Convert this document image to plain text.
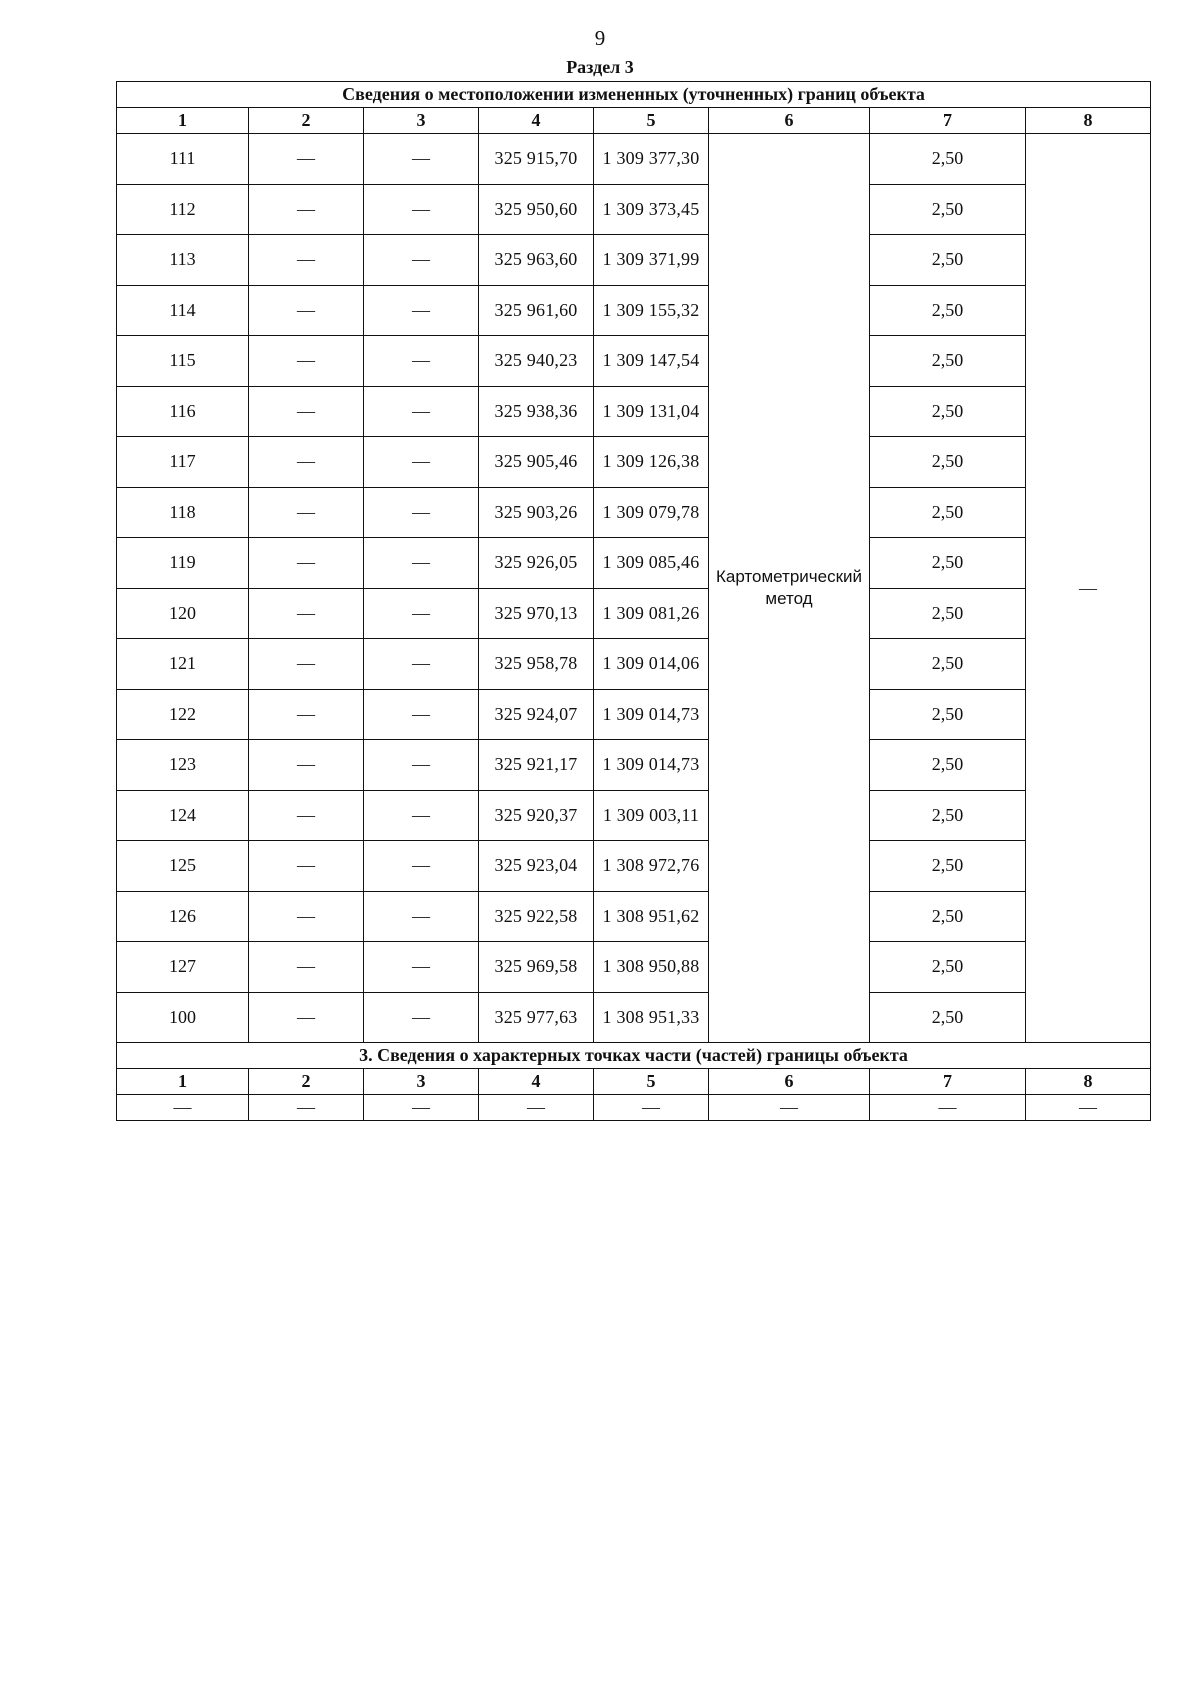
9
Раздел 3
Сведения о местоположении измененных (уточненных) границ объекта							
1	2	3	4	5	6	7	8
111	—	—	325 915,70	1 309 377,30	Картометрический метод	2,50	—
112	—	—	325 950,60	1 309 373,45		2,50	
113	—	—	325 963,60	1 309 371,99		2,50	
114	—	—	325 961,60	1 309 155,32		2,50	
115	—	—	325 940,23	1 309 147,54		2,50	
116	—	—	325 938,36	1 309 131,04		2,50	
117	—	—	325 905,46	1 309 126,38		2,50	
118	—	—	325 903,26	1 309 079,78		2,50	
119	—	—	325 926,05	1 309 085,46		2,50	
120	—	—	325 970,13	1 309 081,26		2,50	
121	—	—	325 958,78	1 309 014,06		2,50	
122	—	—	325 924,07	1 309 014,73		2,50	
123	—	—	325 921,17	1 309 014,73		2,50	
124	—	—	325 920,37	1 309 003,11		2,50	
125	—	—	325 923,04	1 308 972,76		2,50	
126	—	—	325 922,58	1 308 951,62		2,50	
127	—	—	325 969,58	1 308 950,88		2,50	
100	—	—	325 977,63	1 308 951,33		2,50	
3. Сведения о характерных точках части (частей) границы объекта							
1	2	3	4	5	6	7	8
—	—	—	—	—	—	—	—
